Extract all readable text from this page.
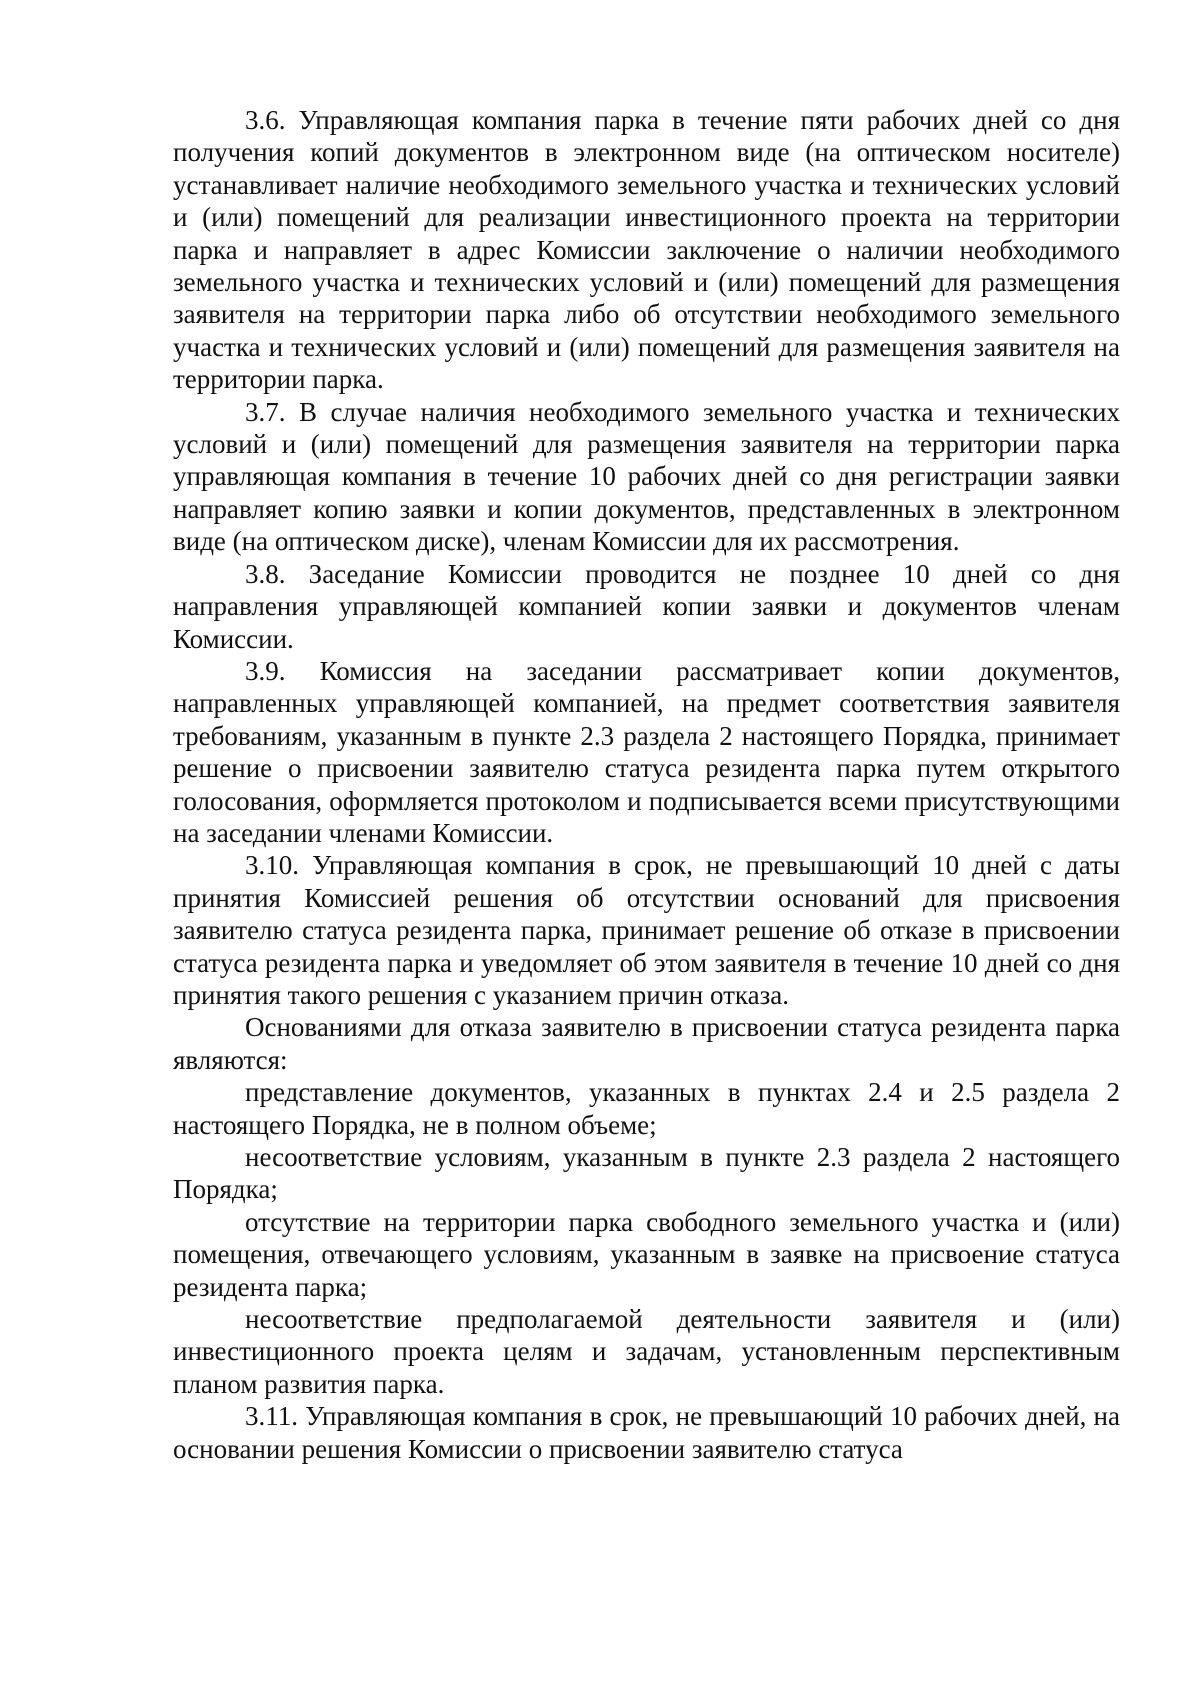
3.6. Управляющая компания парка в течение пяти рабочих дней со дня получения копий документов в электронном виде (на оптическом носителе) устанавливает наличие необходимого земельного участка и технических условий и (или) помещений для реализации инвестиционного проекта на территории парка и направляет в адрес Комиссии заключение о наличии необходимого земельного участка и технических условий и (или) помещений для размещения заявителя на территории парка либо об отсутствии необходимого земельного участка и технических условий и (или) помещений для размещения заявителя на территории парка.

3.7. В случае наличия необходимого земельного участка и технических условий и (или) помещений для размещения заявителя на территории парка управляющая компания в течение 10 рабочих дней со дня регистрации заявки направляет копию заявки и копии документов, представленных в электронном виде (на оптическом диске), членам Комиссии для их рассмотрения.

3.8. Заседание Комиссии проводится не позднее 10 дней со дня направления управляющей компанией копии заявки и документов членам Комиссии.

3.9. Комиссия на заседании рассматривает копии документов, направленных управляющей компанией, на предмет соответствия заявителя требованиям, указанным в пункте 2.3 раздела 2 настоящего Порядка, принимает решение о присвоении заявителю статуса резидента парка путем открытого голосования, оформляется протоколом и подписывается всеми присутствующими на заседании членами Комиссии.

3.10. Управляющая компания в срок, не превышающий 10 дней с даты принятия Комиссией решения об отсутствии оснований для присвоения заявителю статуса резидента парка, принимает решение об отказе в присвоении статуса резидента парка и уведомляет об этом заявителя в течение 10 дней со дня принятия такого решения с указанием причин отказа.

Основаниями для отказа заявителю в присвоении статуса резидента парка являются:

представление документов, указанных в пунктах 2.4 и 2.5 раздела 2 настоящего Порядка, не в полном объеме;

несоответствие условиям, указанным в пункте 2.3 раздела 2 настоящего Порядка;

отсутствие на территории парка свободного земельного участка и (или) помещения, отвечающего условиям, указанным в заявке на присвоение статуса резидента парка;

несоответствие предполагаемой деятельности заявителя и (или) инвестиционного проекта целям и задачам, установленным перспективным планом развития парка.

3.11. Управляющая компания в срок, не превышающий 10 рабочих дней, на основании решения Комиссии о присвоении заявителю статуса
